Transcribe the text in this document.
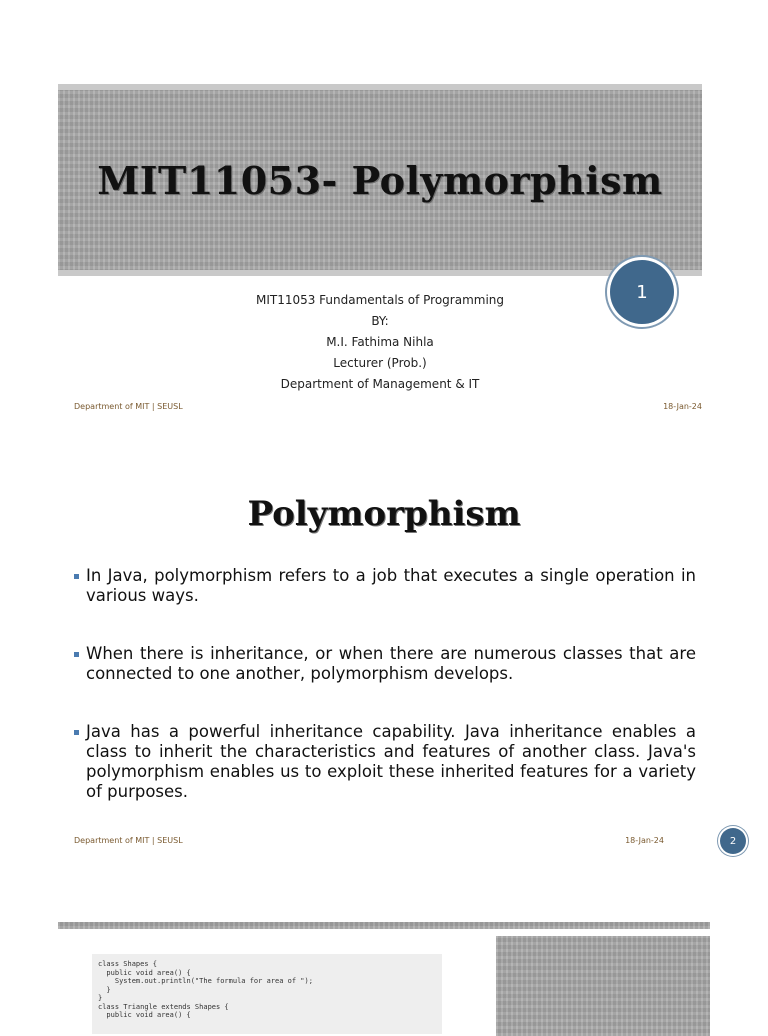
MIT11053- Polymorphism
1
MIT11053 Fundamentals of Programming
BY:
M.I. Fathima Nihla
Lecturer (Prob.)
Department of Management & IT
Department of MIT | SEUSL	18-Jan-24
Polymorphism
In Java, polymorphism refers to a job that executes a single operation in various ways.
When there is inheritance, or when there are numerous classes that are connected to one another, polymorphism develops.
Java has a powerful inheritance capability. Java inheritance enables a class to inherit the characteristics and features of another class. Java's polymorphism enables us to exploit these inherited features for a variety of purposes.
Department of MIT | SEUSL	18-Jan-24	2
class Shapes {
public void area() {
System.out.println("The formula for area of ");
}
}
class Triangle extends Shapes {
public void area() {
